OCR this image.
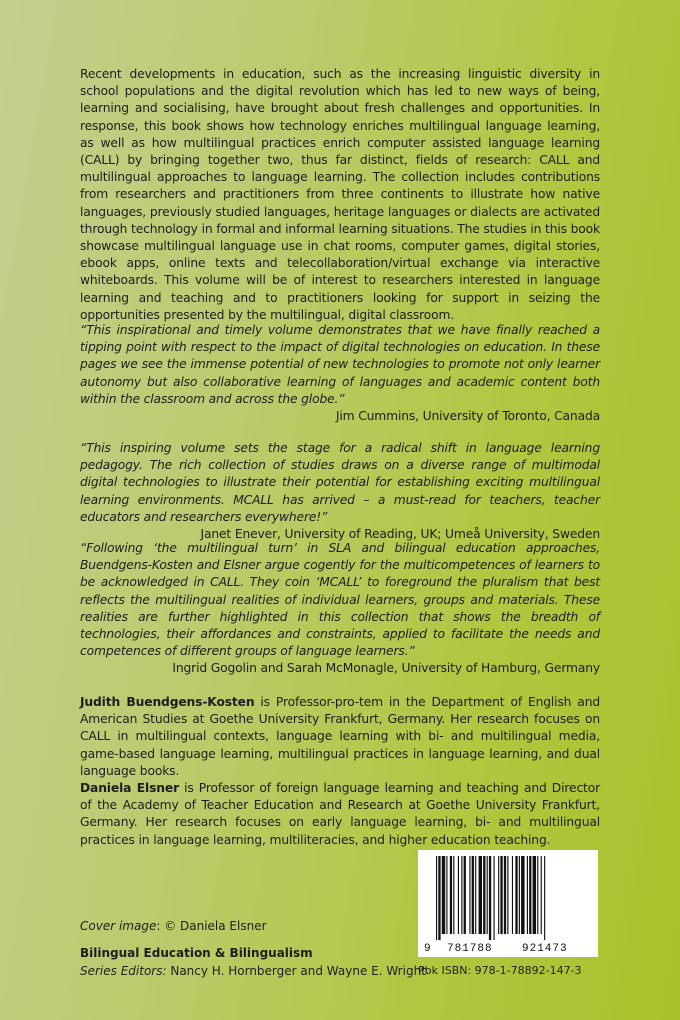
Recent developments in education, such as the increasing linguistic diversity in school populations and the digital revolution which has led to new ways of being, learning and socialising, have brought about fresh challenges and opportunities. In response, this book shows how technology enriches multilingual language learning, as well as how multilingual practices enrich computer assisted language learning (CALL) by bringing together two, thus far distinct, fields of research: CALL and multilingual approaches to language learning. The collection includes contributions from researchers and practitioners from three continents to illustrate how native languages, previously studied languages, heritage languages or dialects are activated through technology in formal and informal learning situations. The studies in this book showcase multilingual language use in chat rooms, computer games, digital stories, ebook apps, online texts and telecollaboration/virtual exchange via interactive whiteboards. This volume will be of interest to researchers interested in language learning and teaching and to practitioners looking for support in seizing the opportunities presented by the multilingual, digital classroom.

“This inspirational and timely volume demonstrates that we have finally reached a tipping point with respect to the impact of digital technologies on education. In these pages we see the immense potential of new technologies to promote not only learner autonomy but also collaborative learning of languages and academic content both within the classroom and across the globe.”

Jim Cummins, University of Toronto, Canada

“This inspiring volume sets the stage for a radical shift in language learning pedagogy. The rich collection of studies draws on a diverse range of multimodal digital technologies to illustrate their potential for establishing exciting multilingual learning environments. MCALL has arrived – a must-read for teachers, teacher educators and researchers everywhere!”

Janet Enever, University of Reading, UK; Umeå University, Sweden

“Following ‘the multilingual turn’ in SLA and bilingual education approaches, Buendgens-Kosten and Elsner argue cogently for the multicompetences of learners to be acknowledged in CALL. They coin ‘MCALL’ to foreground the pluralism that best reflects the multilingual realities of individual learners, groups and materials. These realities are further highlighted in this collection that shows the breadth of technologies, their affordances and constraints, applied to facilitate the needs and competences of different groups of language learners.”

Ingrid Gogolin and Sarah McMonagle, University of Hamburg, Germany

Judith Buendgens-Kosten is Professor-pro-tem in the Department of English and American Studies at Goethe University Frankfurt, Germany. Her research focuses on CALL in multilingual contexts, language learning with bi- and multilingual media, game-based language learning, multilingual practices in language learning, and dual language books.

Daniela Elsner is Professor of foreign language learning and teaching and Director of the Academy of Teacher Education and Research at Goethe University Frankfurt, Germany. Her research focuses on early language learning, bi- and multilingual practices in language learning, multiliteracies, and higher education teaching.

9 781788	921473

Cover image: © Daniela Elsner

Bilingual Education & Bilingualism

Series Editors: Nancy H. Hornberger and Wayne E. Wright

Pbk ISBN: 978-1-78892-147-3
